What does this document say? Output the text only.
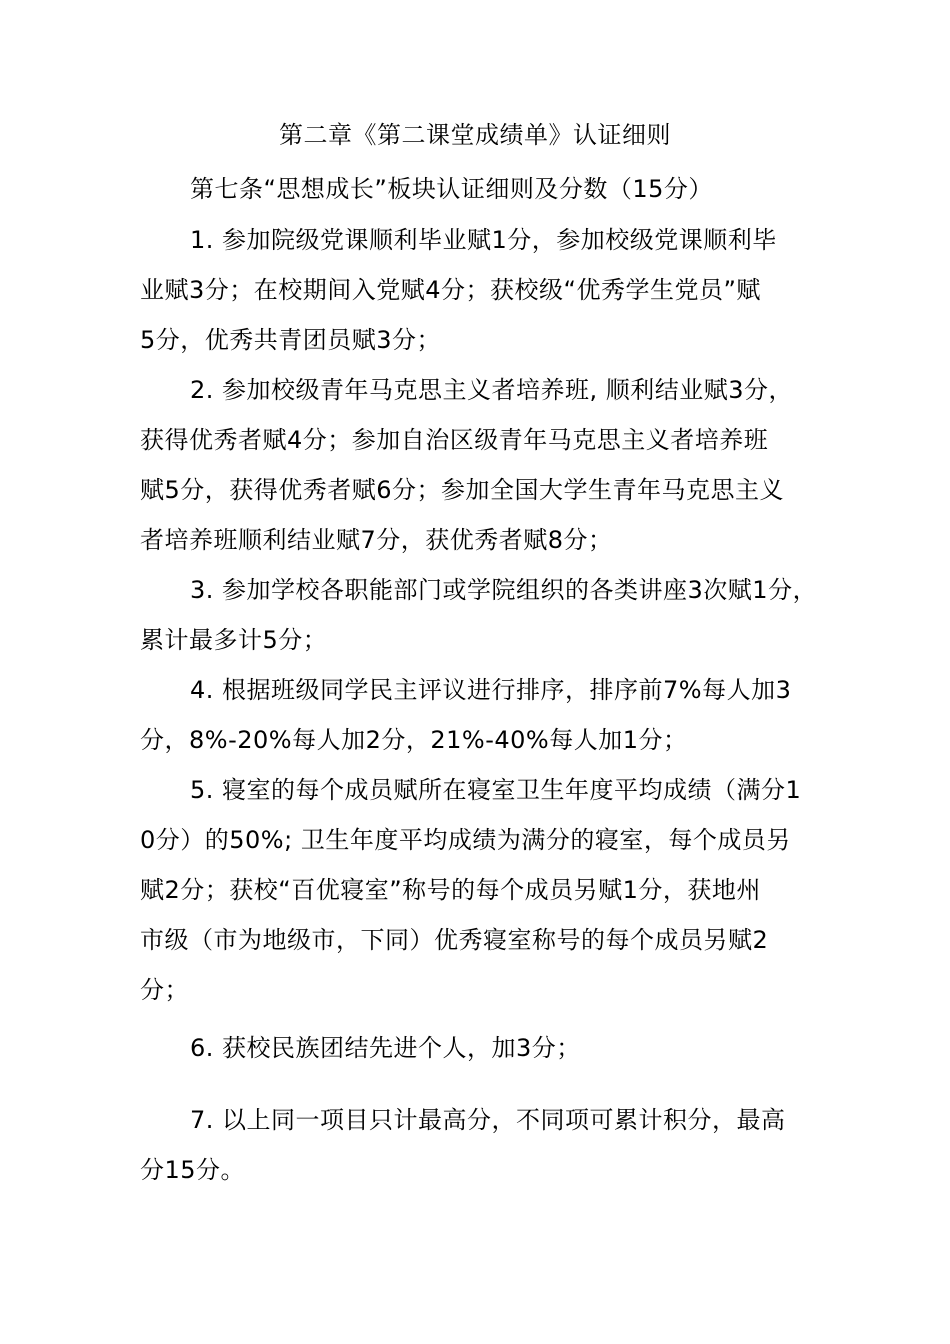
第二章《第二课堂成绩单》认证细则
第七条“思想成长”板块认证细则及分数（15分）
1. 参加院级党课顺利毕业赋1分，参加校级党课顺利毕
业赋3分；在校期间入党赋4分；获校级“优秀学生党员”赋
5分，优秀共青团员赋3分；
2. 参加校级青年马克思主义者培养班, 顺利结业赋3分，
获得优秀者赋4分；参加自治区级青年马克思主义者培养班
赋5分，获得优秀者赋6分；参加全国大学生青年马克思主义
者培养班顺利结业赋7分，获优秀者赋8分；
3. 参加学校各职能部门或学院组织的各类讲座3次赋1分，
累计最多计5分；
4. 根据班级同学民主评议进行排序，排序前7%每人加3
分，8%-20%每人加2分，21%-40%每人加1分；
5. 寝室的每个成员赋所在寝室卫生年度平均成绩（满分1
0分）的50%; 卫生年度平均成绩为满分的寝室，每个成员另
赋2分；获校“百优寝室”称号的每个成员另赋1分，获地州
市级（市为地级市，下同）优秀寝室称号的每个成员另赋2
分；
6. 获校民族团结先进个人，加3分；
7. 以上同一项目只计最高分，不同项可累计积分，最高
分15分。
